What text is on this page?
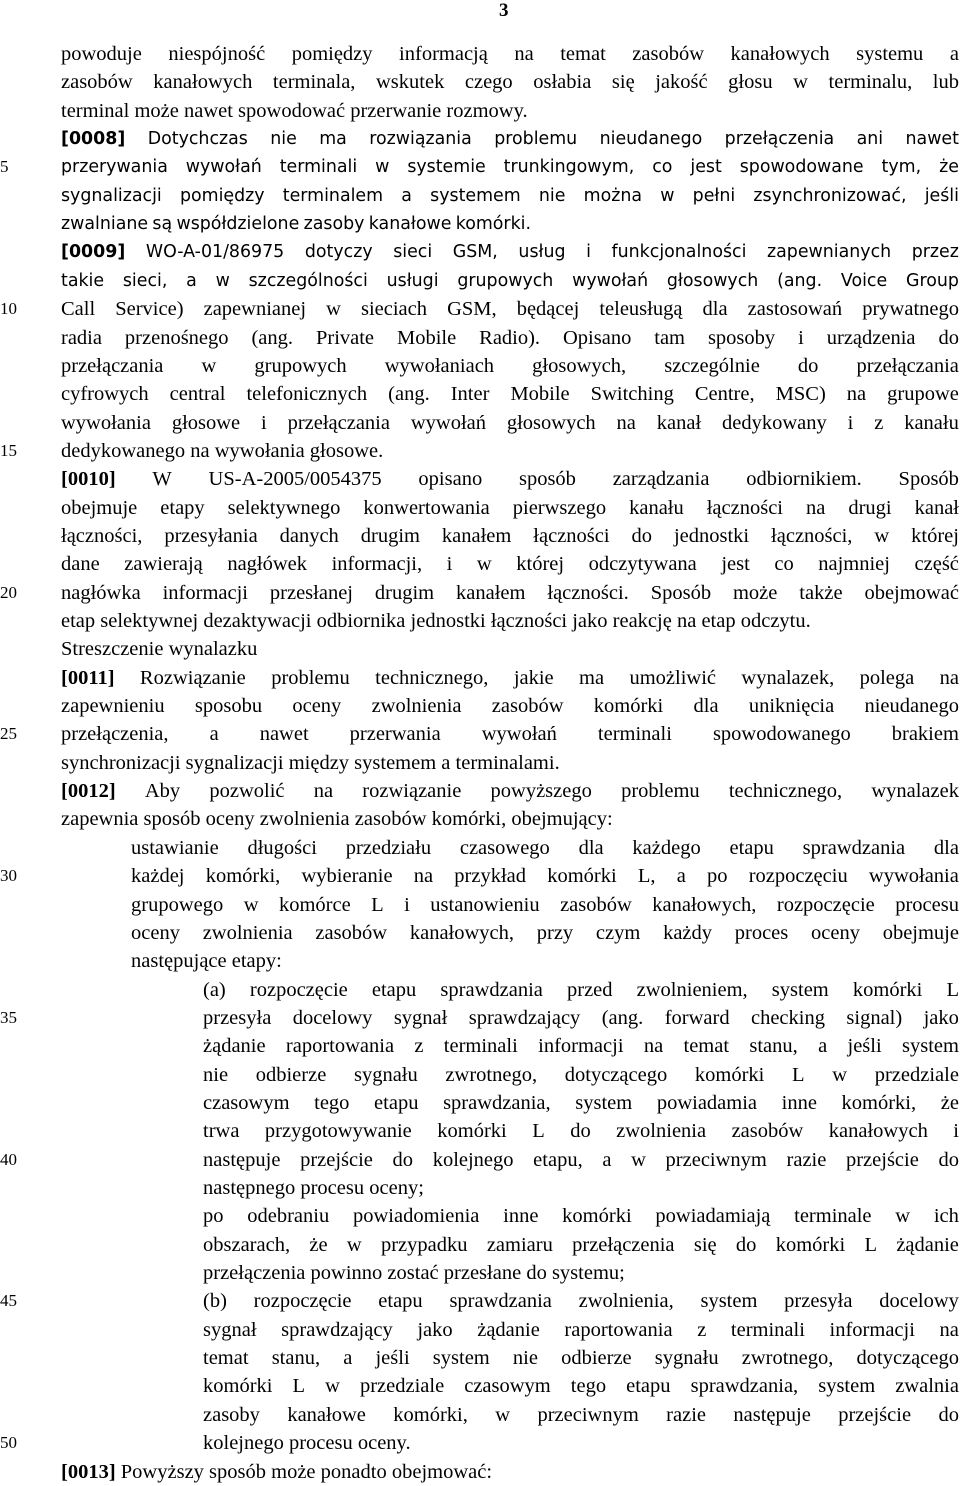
3
5
10
15
20
25
30
35
40
45
50
powoduje niespójność pomiędzy informacją na temat zasobów kanałowych systemu a
zasobów kanałowych terminala, wskutek czego osłabia się jakość głosu w terminalu, lub
terminal może nawet spowodować przerwanie rozmowy.
[0008] Dotychczas nie ma rozwiązania problemu nieudanego przełączenia ani nawet
przerywania wywołań terminali w systemie trunkingowym, co jest spowodowane tym, że
sygnalizacji pomiędzy terminalem a systemem nie można w pełni zsynchronizować, jeśli
zwalniane są współdzielone zasoby kanałowe komórki.
[0009] WO-A-01/86975 dotyczy sieci GSM, usług i funkcjonalności zapewnianych przez
takie sieci, a w szczególności usługi grupowych wywołań głosowych (ang. Voice Group
Call Service) zapewnianej w sieciach GSM, będącej teleusługą dla zastosowań prywatnego
radia przenośnego (ang. Private Mobile Radio). Opisano tam sposoby i urządzenia do
przełączania w grupowych wywołaniach głosowych, szczególnie do przełączania
cyfrowych central telefonicznych (ang. Inter Mobile Switching Centre, MSC) na grupowe
wywołania głosowe i przełączania wywołań głosowych na kanał dedykowany i z kanału
dedykowanego na wywołania głosowe.
[0010] W US-A-2005/0054375 opisano sposób zarządzania odbiornikiem. Sposób
obejmuje etapy selektywnego konwertowania pierwszego kanału łączności na drugi kanał
łączności, przesyłania danych drugim kanałem łączności do jednostki łączności, w której
dane zawierają nagłówek informacji, i w której odczytywana jest co najmniej część
nagłówka informacji przesłanej drugim kanałem łączności. Sposób może także obejmować
etap selektywnej dezaktywacji odbiornika jednostki łączności jako reakcję na etap odczytu.
Streszczenie wynalazku
[0011] Rozwiązanie problemu technicznego, jakie ma umożliwić wynalazek, polega na
zapewnieniu sposobu oceny zwolnienia zasobów komórki dla uniknięcia nieudanego
przełączenia, a nawet przerwania wywołań terminali spowodowanego brakiem
synchronizacji sygnalizacji między systemem a terminalami.
[0012] Aby pozwolić na rozwiązanie powyższego problemu technicznego, wynalazek
zapewnia sposób oceny zwolnienia zasobów komórki, obejmujący:
ustawianie długości przedziału czasowego dla każdego etapu sprawdzania dla
każdej komórki, wybieranie na przykład komórki L, a po rozpoczęciu wywołania
grupowego w komórce L i ustanowieniu zasobów kanałowych, rozpoczęcie procesu
oceny zwolnienia zasobów kanałowych, przy czym każdy proces oceny obejmuje
następujące etapy:
(a) rozpoczęcie etapu sprawdzania przed zwolnieniem, system komórki L
przesyła docelowy sygnał sprawdzający (ang. forward checking signal) jako
żądanie raportowania z terminali informacji na temat stanu, a jeśli system
nie odbierze sygnału zwrotnego, dotyczącego komórki L w przedziale
czasowym tego etapu sprawdzania, system powiadamia inne komórki, że
trwa przygotowywanie komórki L do zwolnienia zasobów kanałowych i
następuje przejście do kolejnego etapu, a w przeciwnym razie przejście do
następnego procesu oceny;
po odebraniu powiadomienia inne komórki powiadamiają terminale w ich
obszarach, że w przypadku zamiaru przełączenia się do komórki L żądanie
przełączenia powinno zostać przesłane do systemu;
(b) rozpoczęcie etapu sprawdzania zwolnienia, system przesyła docelowy
sygnał sprawdzający jako żądanie raportowania z terminali informacji na
temat stanu, a jeśli system nie odbierze sygnału zwrotnego, dotyczącego
komórki L w przedziale czasowym tego etapu sprawdzania, system zwalnia
zasoby kanałowe komórki, w przeciwnym razie następuje przejście do
kolejnego procesu oceny.
[0013] Powyższy sposób może ponadto obejmować:
